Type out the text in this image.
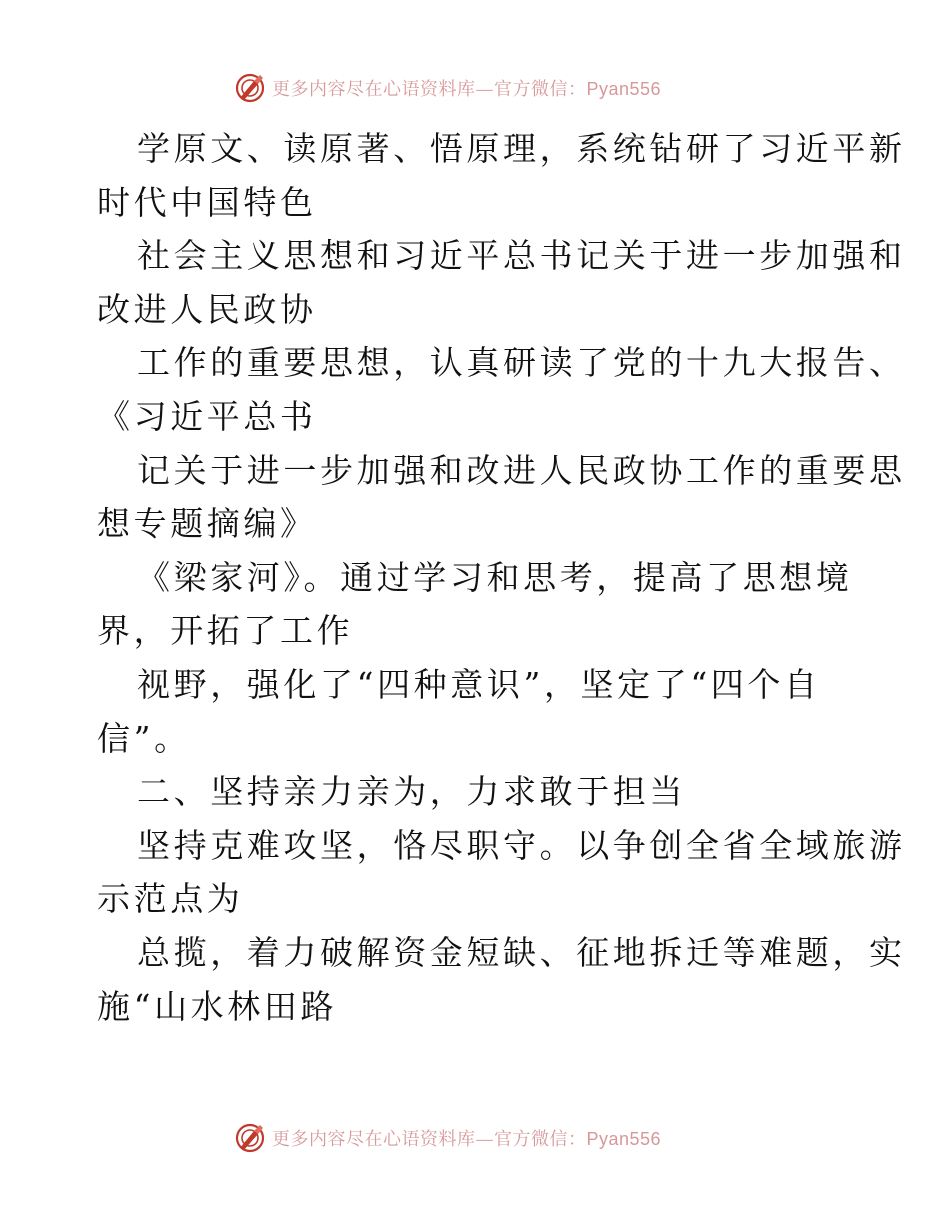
更多内容尽在心语资料库—官方微信：Pyan556
学原文、读原著、悟原理，系统钻研了习近平新
时代中国特色
社会主义思想和习近平总书记关于进一步加强和
改进人民政协
工作的重要思想，认真研读了党的十九大报告、
《习近平总书
记关于进一步加强和改进人民政协工作的重要思
想专题摘编》
《梁家河》。通过学习和思考，提高了思想境
界，开拓了工作
视野，强化了“四种意识”，坚定了“四个自
信”。
二、坚持亲力亲为，力求敢于担当
坚持克难攻坚，恪尽职守。以争创全省全域旅游
示范点为
总揽，着力破解资金短缺、征地拆迁等难题，实
施“山水林田路
更多内容尽在心语资料库—官方微信：Pyan556
